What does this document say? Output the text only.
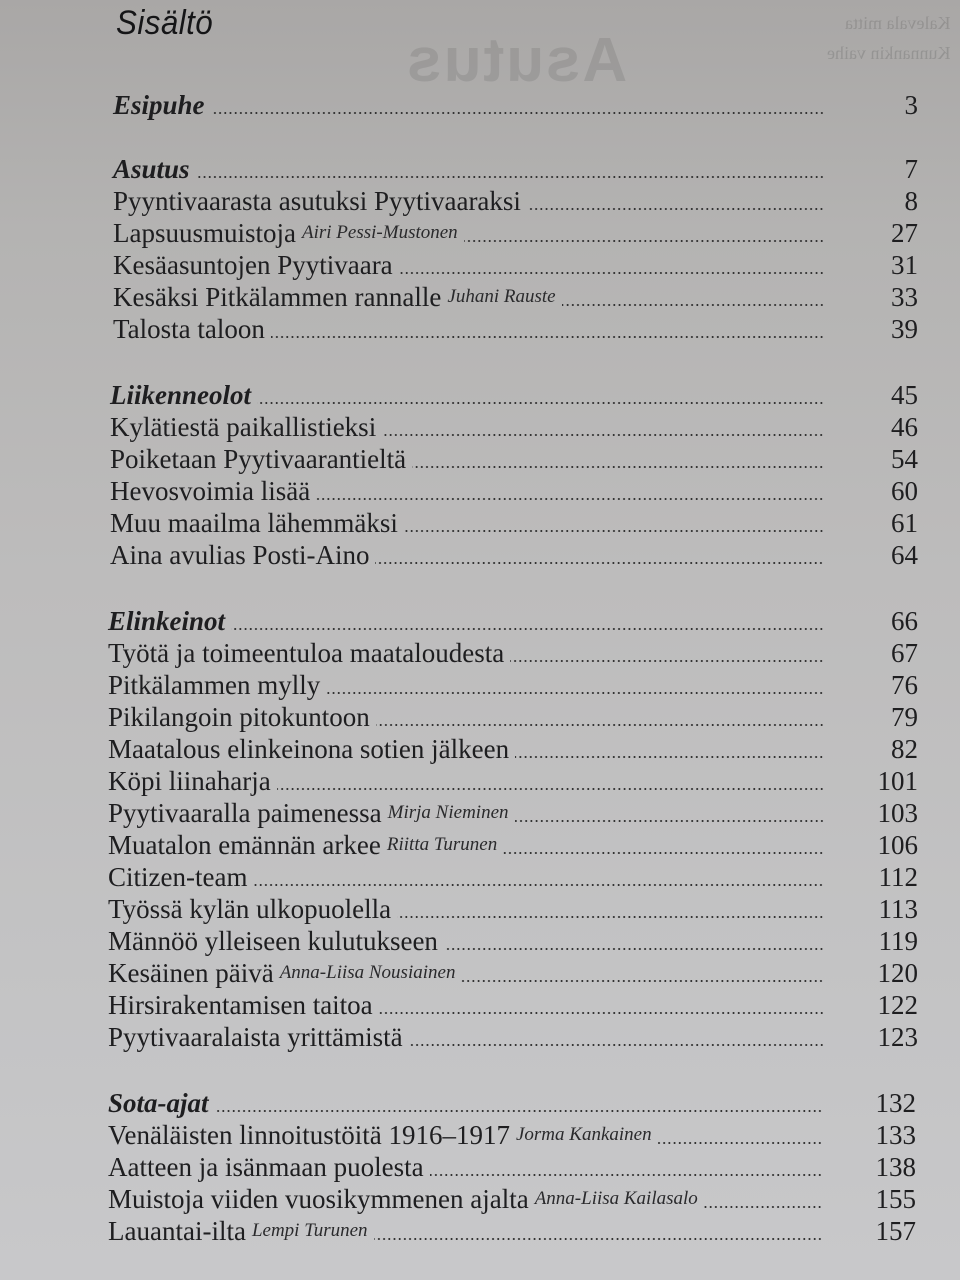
Asutus
Kalevala mitta
Kunnankin vaihe
Sisältö
Esipuhe	3
Asutus	7
Pyyntivaarasta asutuksi Pyytivaaraksi	8
Lapsuusmuistoja Airi Pessi-Mustonen	27
Kesäasuntojen Pyytivaara	31
Kesäksi Pitkälammen rannalle Juhani Rauste	33
Talosta taloon	39
Liikenneolot	45
Kylätiestä paikallistieksi	46
Poiketaan Pyytivaarantieltä	54
Hevosvoimia lisää	60
Muu maailma lähemmäksi	61
Aina avulias Posti-Aino	64
Elinkeinot	66
Työtä ja toimeentuloa maataloudesta	67
Pitkälammen mylly	76
Pikilangoin pitokuntoon	79
Maatalous elinkeinona sotien jälkeen	82
Köpi liinaharja	101
Pyytivaaralla paimenessa Mirja Nieminen	103
Muatalon emännän arkee Riitta Turunen	106
Citizen-team	112
Työssä kylän ulkopuolella	113
Männöö ylleiseen kulutukseen	119
Kesäinen päivä Anna-Liisa Nousiainen	120
Hirsirakentamisen taitoa	122
Pyytivaaralaista yrittämistä	123
Sota-ajat	132
Venäläisten linnoitustöitä 1916–1917 Jorma Kankainen	133
Aatteen ja isänmaan puolesta	138
Muistoja viiden vuosikymmenen ajalta Anna-Liisa Kailasalo	155
Lauantai-ilta Lempi Turunen	157
